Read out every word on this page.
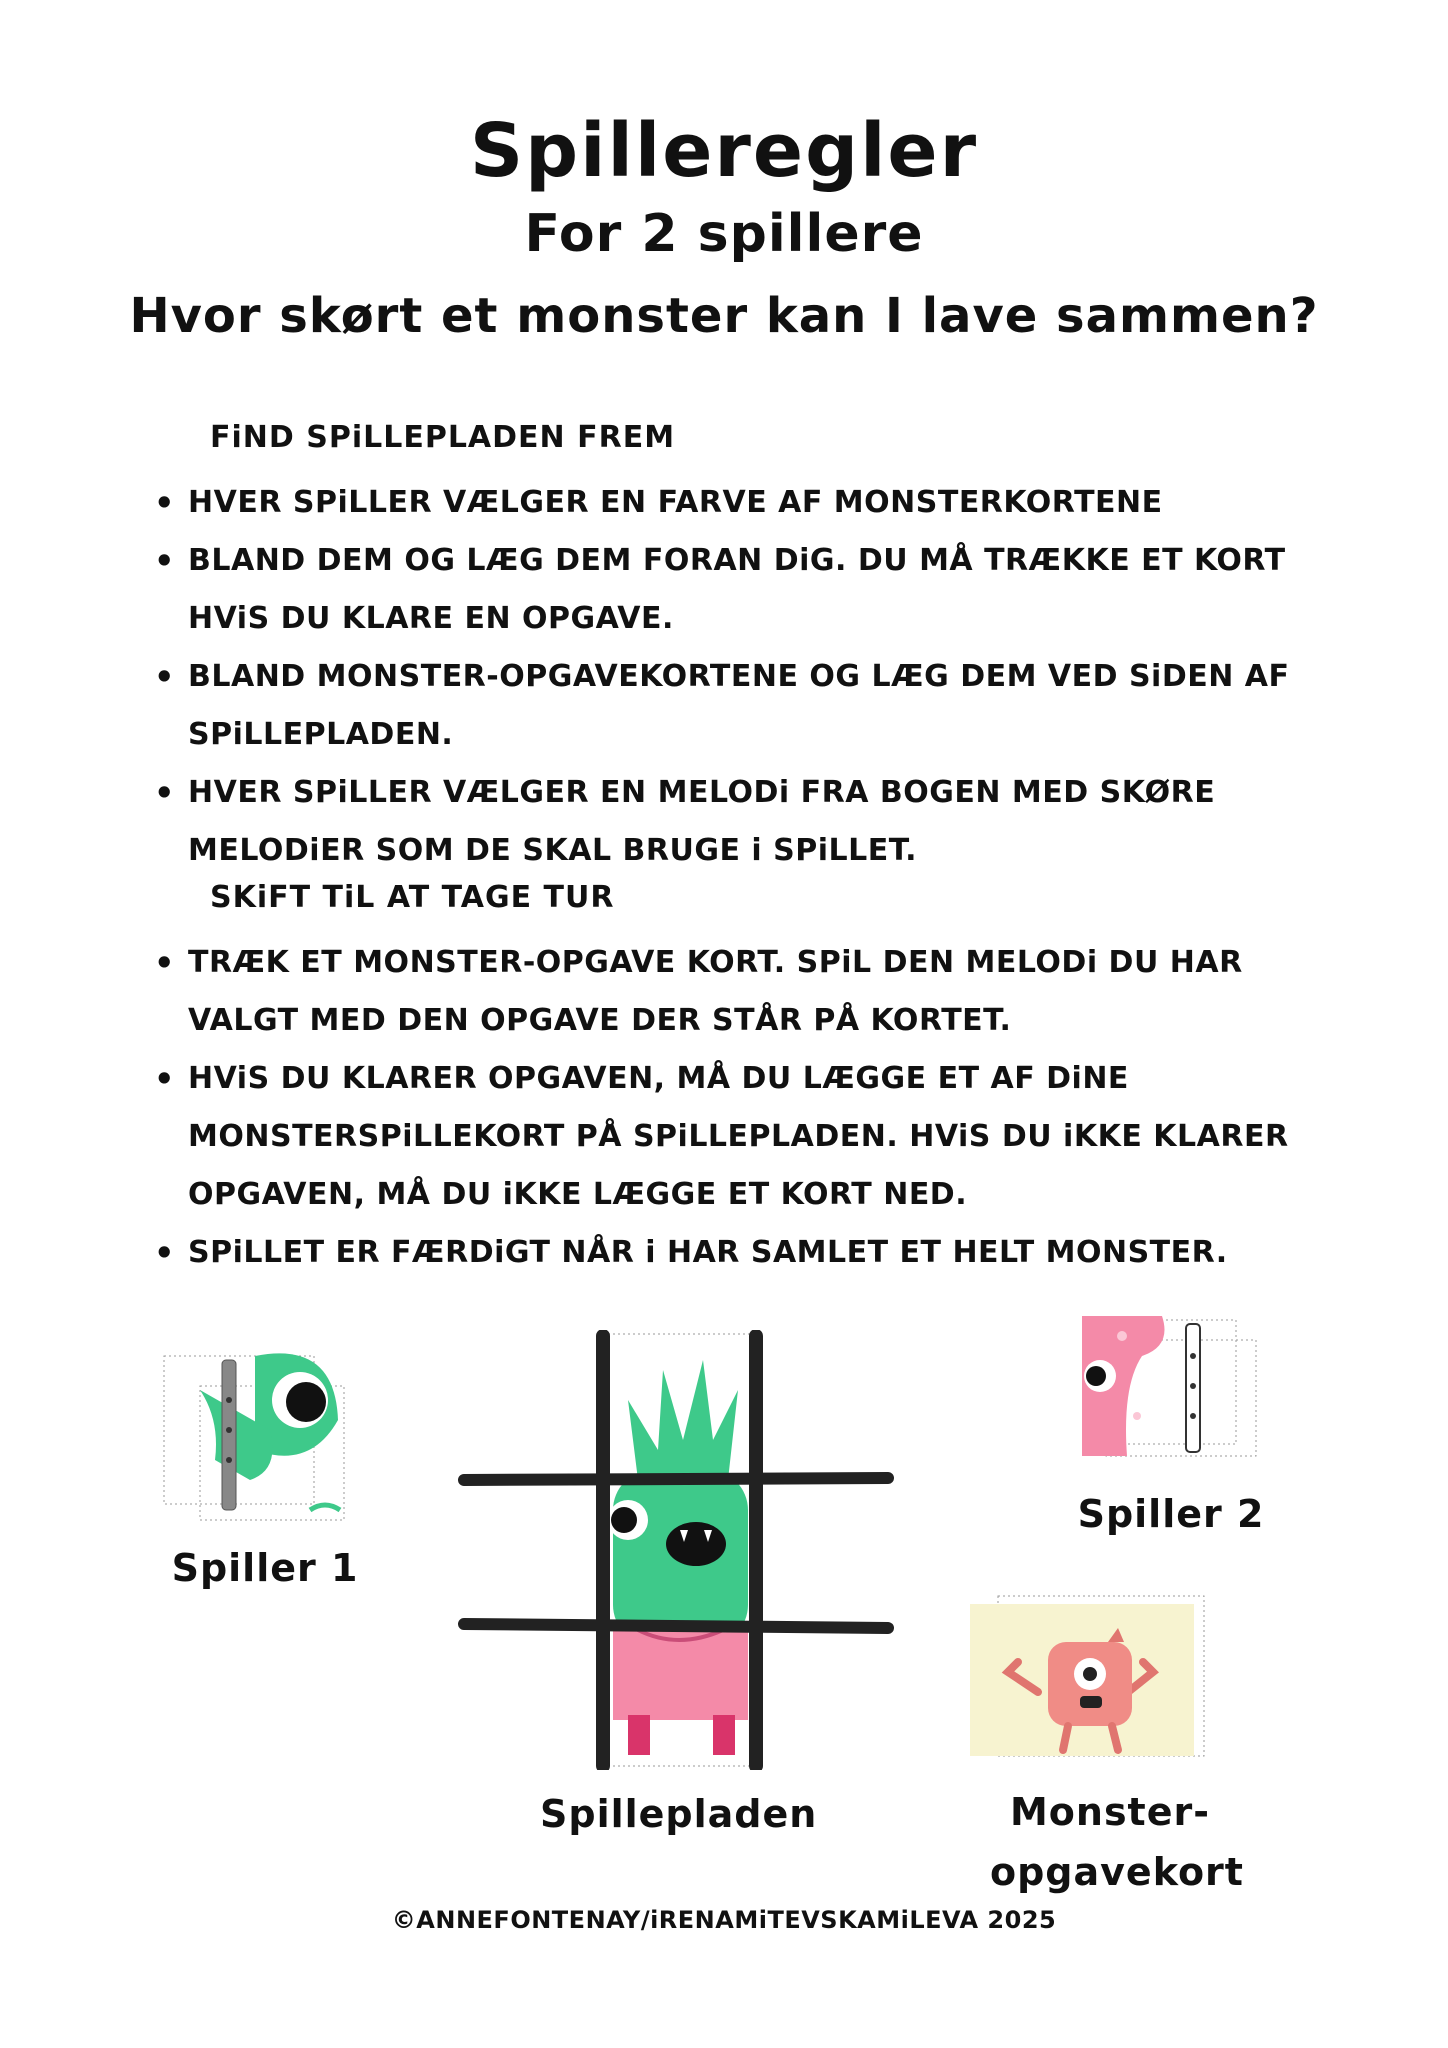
Spilleregler
For 2 spillere
Hvor skørt et monster kan I lave sammen?
FiND SPiLLEPLADEN FREM
• HVER SPiLLER VÆLGER EN FARVE AF MONSTERKORTENE
• BLAND DEM OG LÆG DEM FORAN DiG. DU MÅ TRÆKKE ET KORT HViS DU KLARE EN OPGAVE.
• BLAND MONSTER-OPGAVEKORTENE OG LÆG DEM VED SiDEN AF SPiLLEPLADEN.
• HVER SPiLLER VÆLGER EN MELODi FRA BOGEN MED SKØRE MELODiER SOM DE SKAL BRUGE i SPiLLET.
SKiFT TiL AT TAGE TUR
• TRÆK ET MONSTER-OPGAVE KORT. SPiL DEN MELODi DU HAR VALGT MED DEN OPGAVE DER STÅR PÅ KORTET.
• HViS DU KLARER OPGAVEN, MÅ DU LÆGGE ET AF DiNE MONSTERSPiLLEKORT PÅ SPiLLEPLADEN. HViS DU iKKE KLARER OPGAVEN, MÅ DU iKKE LÆGGE ET KORT NED.
• SPiLLET ER FÆRDiGT NÅR i HAR SAMLET ET HELT MONSTER.
Spiller 1
Spillepladen
Spiller 2
Monster-
opgavekort
©ANNEFONTENAY/iRENAMiTEVSKAMiLEVA 2025
